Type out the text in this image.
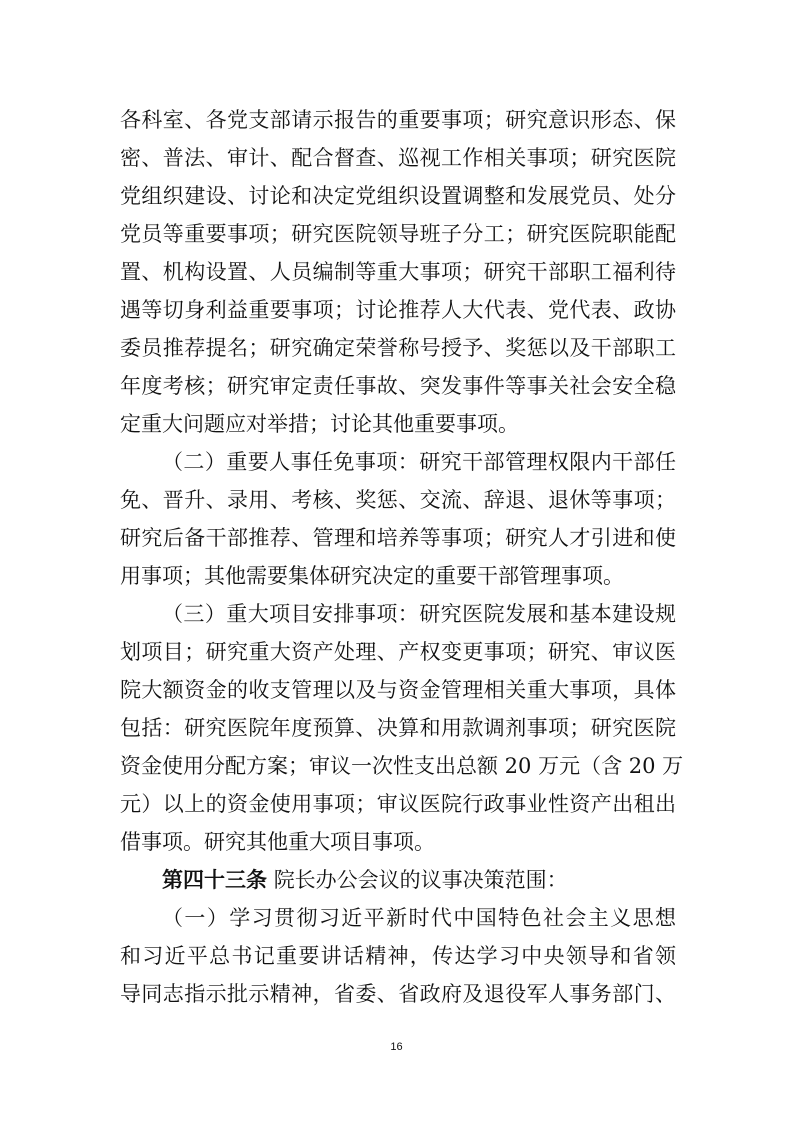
各科室、各党支部请示报告的重要事项；研究意识形态、保
密、普法、审计、配合督查、巡视工作相关事项；研究医院
党组织建设、讨论和决定党组织设置调整和发展党员、处分
党员等重要事项；研究医院领导班子分工；研究医院职能配
置、机构设置、人员编制等重大事项；研究干部职工福利待
遇等切身利益重要事项；讨论推荐人大代表、党代表、政协
委员推荐提名；研究确定荣誉称号授予、奖惩以及干部职工
年度考核；研究审定责任事故、突发事件等事关社会安全稳
定重大问题应对举措；讨论其他重要事项。
（二）重要人事任免事项：研究干部管理权限内干部任
免、晋升、录用、考核、奖惩、交流、辞退、退休等事项；
研究后备干部推荐、管理和培养等事项；研究人才引进和使
用事项；其他需要集体研究决定的重要干部管理事项。
（三）重大项目安排事项：研究医院发展和基本建设规
划项目；研究重大资产处理、产权变更事项；研究、审议医
院大额资金的收支管理以及与资金管理相关重大事项，具体
包括：研究医院年度预算、决算和用款调剂事项；研究医院
资金使用分配方案；审议一次性支出总额 20 万元（含 20 万
元）以上的资金使用事项；审议医院行政事业性资产出租出
借事项。研究其他重大项目事项。
第四十三条 院长办公会议的议事决策范围：
（一）学习贯彻习近平新时代中国特色社会主义思想
和习近平总书记重要讲话精神，传达学习中央领导和省领
导同志指示批示精神，省委、省政府及退役军人事务部门、
16
